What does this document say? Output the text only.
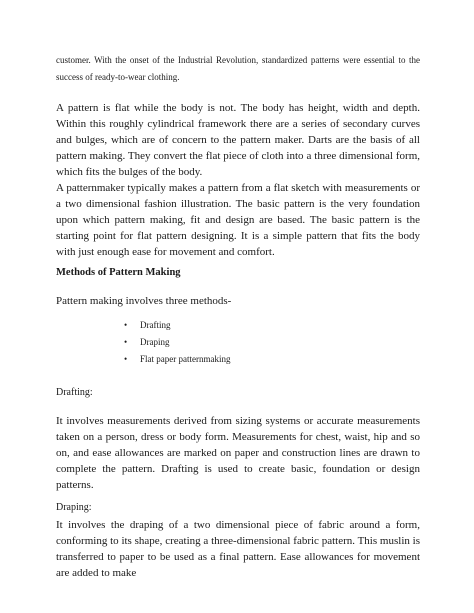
customer. With the onset of the Industrial Revolution, standardized patterns were essential to the success of ready-to-wear clothing.

A pattern is flat while the body is not. The body has height, width and depth. Within this roughly cylindrical framework there are a series of secondary curves and bulges, which are of concern to the pattern maker. Darts are the basis of all pattern making. They convert the flat piece of cloth into a three dimensional form, which fits the bulges of the body.

A patternmaker typically makes a pattern from a flat sketch with measurements or a two dimensional fashion illustration. The basic pattern is the very foundation upon which pattern making, fit and design are based. The basic pattern is the starting point for flat pattern designing. It is a simple pattern that fits the body with just enough ease for movement and comfort.

Methods of Pattern Making

Pattern making involves three methods-

• Drafting
• Draping
• Flat paper patternmaking

Drafting:

It involves measurements derived from sizing systems or accurate measurements taken on a person, dress or body form. Measurements for chest, waist, hip and so on, and ease allowances are marked on paper and construction lines are drawn to complete the pattern. Drafting is used to create basic, foundation or design patterns.

Draping:

It involves the draping of a two dimensional piece of fabric around a form, conforming to its shape, creating a three-dimensional fabric pattern. This muslin is transferred to paper to be used as a final pattern. Ease allowances for movement are added to make
